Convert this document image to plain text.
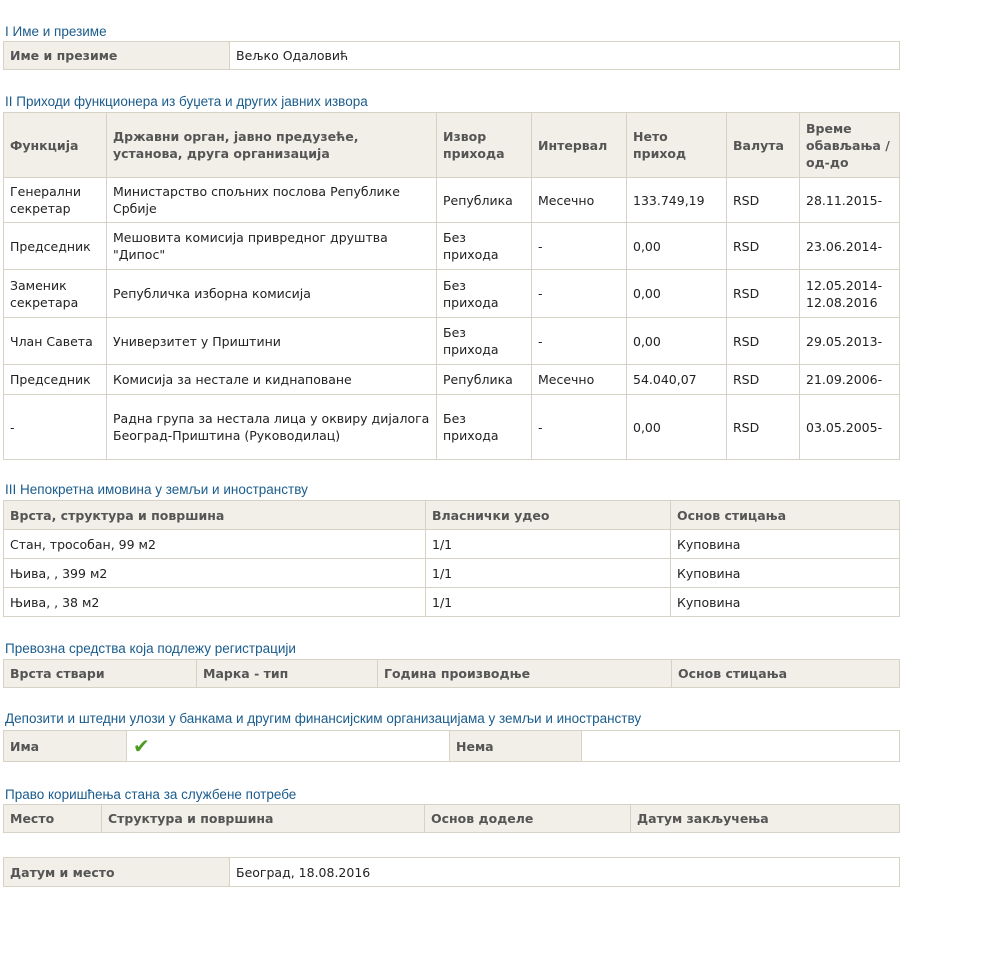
I Име и презиме
Име и презиме	Вељко Одаловић
II Приходи функционера из буџета и других јавних извора
Функција	Државни орган, јавно предузеће, установа, друга организација	Извор прихода	Интервал	Нето приход	Валута	Време обављања / од-до
Генерални секретар	Министарство спољних послова Републике Србије	Република	Месечно	133.749,19	RSD	28.11.2015-
Председник	Мешовита комисија привредног друштва "Дипос"	Без прихода	-	0,00	RSD	23.06.2014-
Заменик секретара	Републичка изборна комисија	Без прихода	-	0,00	RSD	12.05.2014-12.08.2016
Члан Савета	Универзитет у Приштини	Без прихода	-	0,00	RSD	29.05.2013-
Председник	Комисија за нестале и киднаповане	Република	Месечно	54.040,07	RSD	21.09.2006-
-	Радна група за нестала лица у оквиру дијалога Београд-Приштина (Руководилац)	Без прихода	-	0,00	RSD	03.05.2005-
III Непокретна имовина у земљи и иностранству
Врста, структура и површина	Власнички удео	Основ стицања
Стан, трособан, 99 м2	1/1	Куповина
Њива, , 399 м2	1/1	Куповина
Њива, , 38 м2	1/1	Куповина
Превозна средства која подлежу регистрацији
Врста ствари	Марка - тип	Година производње	Основ стицања
Депозити и штедни улози у банкама и другим финансијским организацијама у земљи и иностранству
Има	✔	Нема	
Право коришћења стана за службене потребе
Место	Структура и површина	Основ доделе	Датум закључења
Датум и место	Београд, 18.08.2016
